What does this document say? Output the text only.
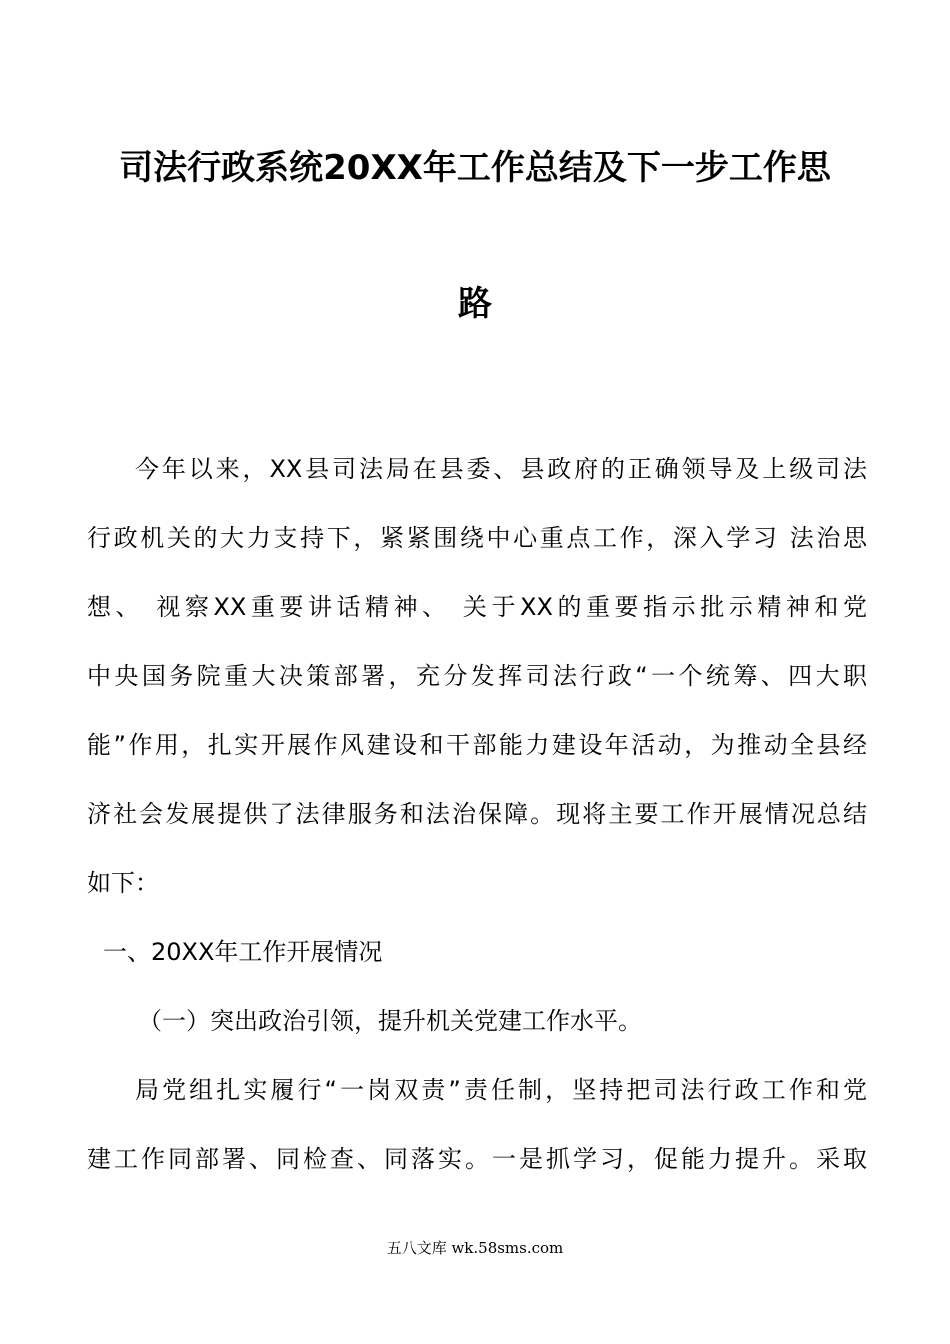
司法行政系统20XX年工作总结及下一步工作思
路
今年以来，XX县司法局在县委、县政府的正确领导及上级司法
行政机关的大力支持下，紧紧围绕中心重点工作，深入学习 法治思
想、 视察XX重要讲话精神、 关于XX的重要指示批示精神和党
中央国务院重大决策部署，充分发挥司法行政“一个统筹、四大职
能”作用，扎实开展作风建设和干部能力建设年活动，为推动全县经
济社会发展提供了法律服务和法治保障。现将主要工作开展情况总结
如下：
一、20XX年工作开展情况
（一）突出政治引领，提升机关党建工作水平。
局党组扎实履行“一岗双责”责任制，坚持把司法行政工作和党
建工作同部署、同检查、同落实。一是抓学习，促能力提升。采取
五八文库 wk.58sms.com
